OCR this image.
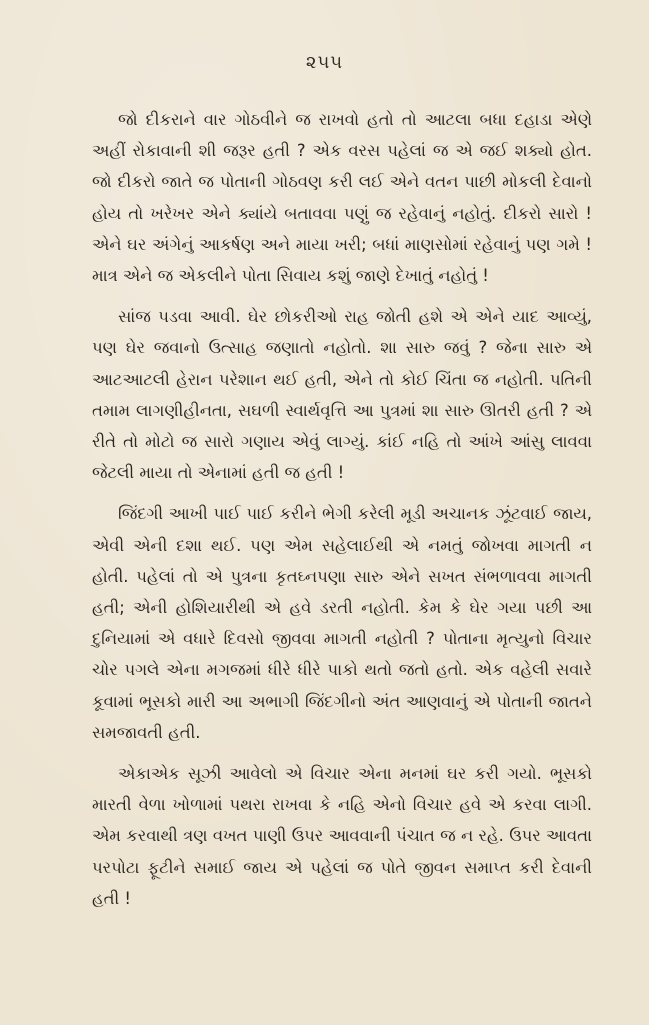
૨૫૫

જો દીકરાને વાર ગોઠવીને જ રાખવો હતો તો આટલા બધા દહાડા એણે અહીં રોકાવાની શી જરૂર હતી ? એક વરસ પહેલાં જ એ જઈ શક્યો હોત. જો દીકરો જાતે જ પોતાની ગોઠવણ કરી લઈ એને વતન પાછી મોકલી દેવાનો હોય તો ખરેખર એને ક્યાંયે બતાવવા પણું જ રહેવાનું નહોતું. દીકરો સારો ! એને ઘર અંગેનું આકર્ષણ અને માયા ખરી; બધાં માણસોમાં રહેવાનું પણ ગમે ! માત્ર એને જ એકલીને પોતા સિવાય કશું જાણે દેખાતું નહોતું !

સાંજ પડવા આવી. ઘેર છોકરીઓ રાહ જોતી હશે એ એને યાદ આવ્યું, પણ ઘેર જવાનો ઉત્સાહ જણાતો નહોતો. શા સારુ જવું ? જેના સારુ એ આટઆટલી હેરાન પરેશાન થઈ હતી, એને તો કોઈ ચિંતા જ નહોતી. પતિની તમામ લાગણીહીનતા, સઘળી સ્વાર્થવૃત્તિ આ પુત્રમાં શા સારુ ઊતરી હતી ? એ રીતે તો મોટો જ સારો ગણાય એવું લાગ્યું. કાંઈ નહિ તો આંખે આંસુ લાવવા જેટલી માયા તો એનામાં હતી જ હતી !

જિંદગી આખી પાઈ પાઈ કરીને ભેગી કરેલી મૂડી અચાનક ઝૂંટવાઈ જાય, એવી એની દશા થઈ. પણ એમ સહેલાઈથી એ નમતું જોખવા માગતી ન હોતી. પહેલાં તો એ પુત્રના કૃતઘ્નપણા સારુ એને સખત સંભળાવવા માગતી હતી; એની હોશિયારીથી એ હવે ડરતી નહોતી. કેમ કે ઘેર ગયા પછી આ દુનિયામાં એ વધારે દિવસો જીવવા માગતી નહોતી ? પોતાના મૃત્યુનો વિચાર ચોર પગલે એના મગજમાં ધીરે ધીરે પાકો થતો જતો હતો. એક વહેલી સવારે કૂવામાં ભૂસકો મારી આ અભાગી જિંદગીનો અંત આણવાનું એ પોતાની જાતને સમજાવતી હતી.

એકાએક સૂઝી આવેલો એ વિચાર એના મનમાં ઘર કરી ગયો. ભૂસકો મારતી વેળા ખોળામાં પથરા રાખવા કે નહિ એનો વિચાર હવે એ કરવા લાગી. એમ કરવાથી ત્રણ વખત પાણી ઉપર આવવાની પંચાત જ ન રહે. ઉપર આવતા પરપોટા ફૂટીને સમાઈ જાય એ પહેલાં જ પોતે જીવન સમાપ્ત કરી દેવાની હતી !
